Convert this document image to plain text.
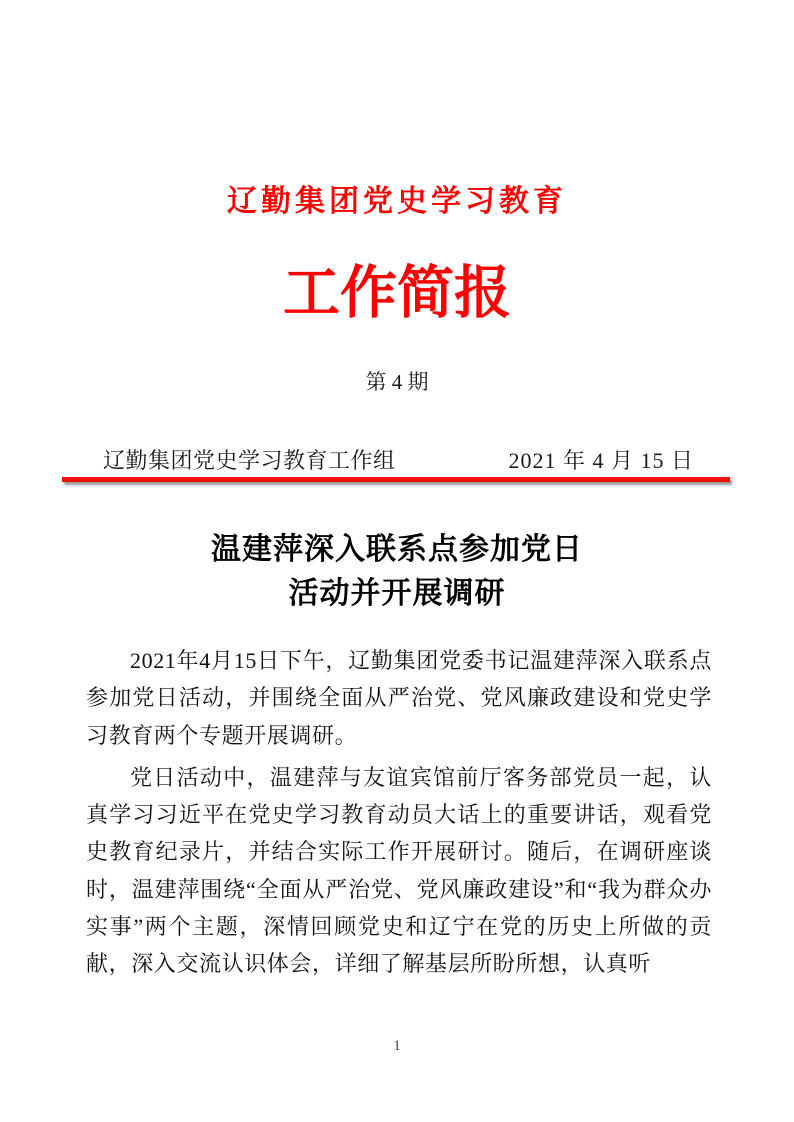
辽勤集团党史学习教育
工作简报
第 4 期
辽勤集团党史学习教育工作组	2021 年 4 月 15 日
温建萍深入联系点参加党日
活动并开展调研

2021年4月15日下午，辽勤集团党委书记温建萍深入联系点参加党日活动，并围绕全面从严治党、党风廉政建设和党史学习教育两个专题开展调研。

党日活动中，温建萍与友谊宾馆前厅客务部党员一起，认真学习习近平在党史学习教育动员大话上的重要讲话，观看党史教育纪录片，并结合实际工作开展研讨。随后，在调研座谈时，温建萍围绕“全面从严治党、党风廉政建设”和“我为群众办实事”两个主题，深情回顾党史和辽宁在党的历史上所做的贡献，深入交流认识体会，详细了解基层所盼所想，认真听

1
